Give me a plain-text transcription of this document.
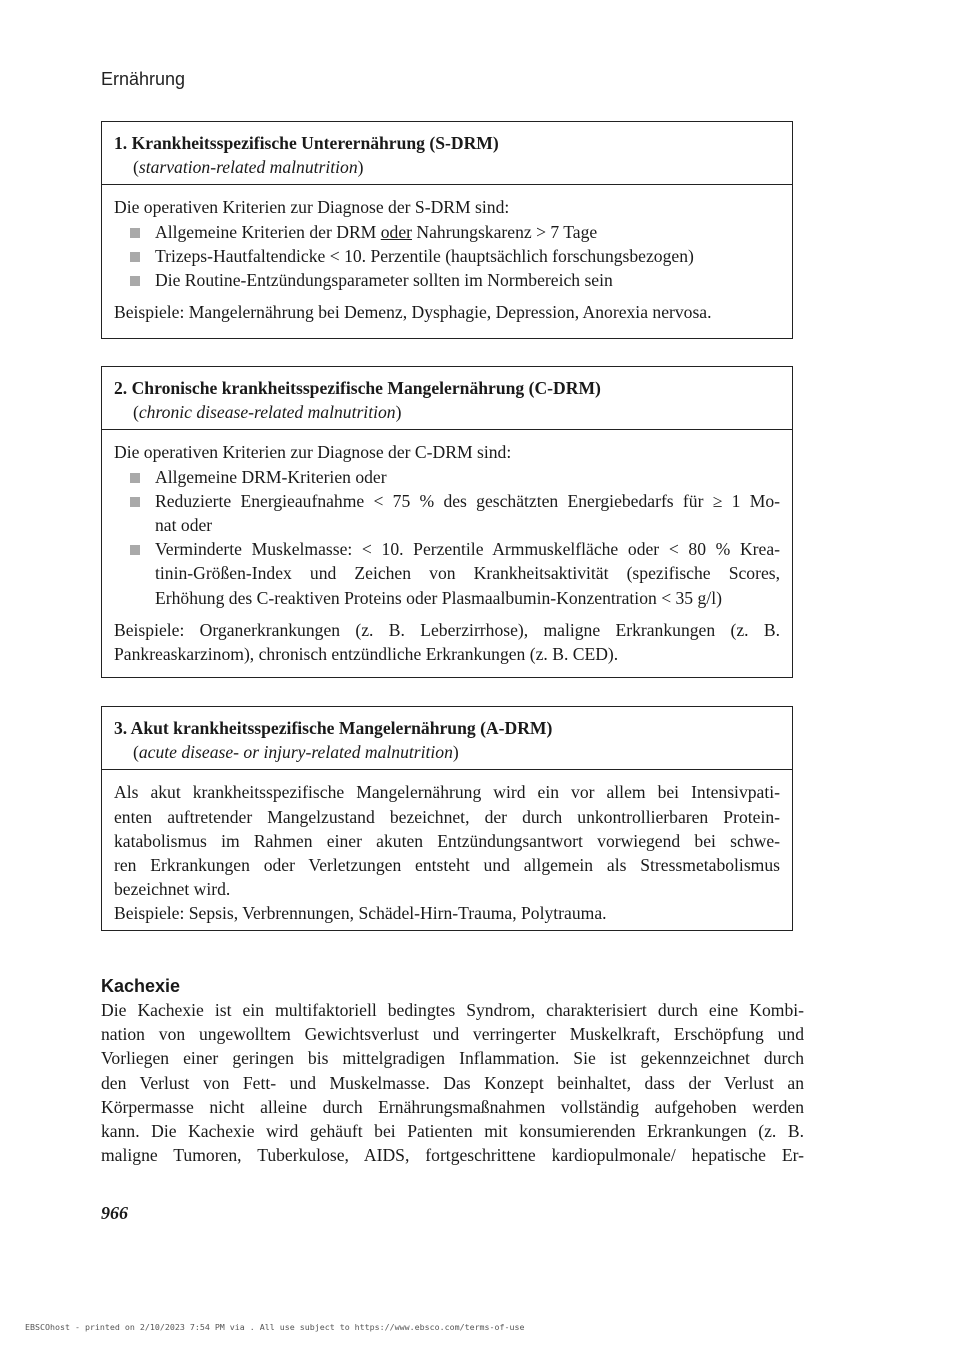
Ernährung
1. Krankheitsspezifische Unterernährung (S-DRM)
(starvation-related malnutrition)

Die operativen Kriterien zur Diagnose der S-DRM sind:

Allgemeine Kriterien der DRM oder Nahrungskarenz > 7 Tage
Trizeps-Hautfaltendicke < 10. Perzentile (hauptsächlich forschungsbezogen)
Die Routine-Entzündungsparameter sollten im Normbereich sein

Beispiele: Mangelernährung bei Demenz, Dysphagie, Depression, Anorexia nervosa.

2. Chronische krankheitsspezifische Mangelernährung (C-DRM)
(chronic disease-related malnutrition)

Die operativen Kriterien zur Diagnose der C-DRM sind:

Allgemeine DRM-Kriterien oder
Reduzierte Energieaufnahme < 75 % des geschätzten Energiebedarfs für ≥ 1 Mo-
nat oder
Verminderte Muskelmasse: < 10. Perzentile Armmuskelfläche oder < 80 % Krea-
tinin-Größen-Index und Zeichen von Krankheitsaktivität (spezifische Scores,
Erhöhung des C-reaktiven Proteins oder Plasmaalbumin-Konzentration < 35 g/l)

Beispiele: Organerkrankungen (z. B. Leberzirrhose), maligne Erkrankungen (z. B.
Pankreaskarzinom), chronisch entzündliche Erkrankungen (z. B. CED).

3. Akut krankheitsspezifische Mangelernährung (A-DRM)
(acute disease- or injury-related malnutrition)

Als akut krankheitsspezifische Mangelernährung wird ein vor allem bei Intensivpati-
enten auftretender Mangelzustand bezeichnet, der durch unkontrollierbaren Protein-
katabolismus im Rahmen einer akuten Entzündungsantwort vorwiegend bei schwe-
ren Erkrankungen oder Verletzungen entsteht und allgemein als Stressmetabolismus
bezeichnet wird.
Beispiele: Sepsis, Verbrennungen, Schädel-Hirn-Trauma, Polytrauma.

Kachexie
Die Kachexie ist ein multifaktoriell bedingtes Syndrom, charakterisiert durch eine Kombi-
nation von ungewolltem Gewichtsverlust und verringerter Muskelkraft, Erschöpfung und
Vorliegen einer geringen bis mittelgradigen Inflammation. Sie ist gekennzeichnet durch
den Verlust von Fett- und Muskelmasse. Das Konzept beinhaltet, dass der Verlust an
Körpermasse nicht alleine durch Ernährungsmaßnahmen vollständig aufgehoben werden
kann. Die Kachexie wird gehäuft bei Patienten mit konsumierenden Erkrankungen (z. B.
maligne Tumoren, Tuberkulose, AIDS, fortgeschrittene kardiopulmonale/ hepatische Er-
966
EBSCOhost - printed on 2/10/2023 7:54 PM via . All use subject to https://www.ebsco.com/terms-of-use
